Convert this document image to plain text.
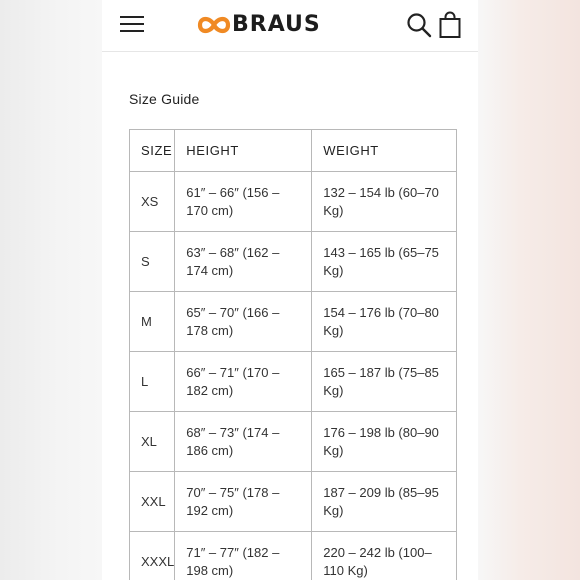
BRAUS
Size Guide
SIZE	HEIGHT	WEIGHT
XS	61″ – 66″ (156 – 170 cm)	132 – 154 lb (60–70 Kg)
S	63″ – 68″ (162 – 174 cm)	143 – 165 lb (65–75 Kg)
M	65″ – 70″ (166 – 178 cm)	154 – 176 lb (70–80 Kg)
L	66″ – 71″ (170 – 182 cm)	165 – 187 lb (75–85 Kg)
XL	68″ – 73″ (174 – 186 cm)	176 – 198 lb (80–90 Kg)
XXL	70″ – 75″ (178 – 192 cm)	187 – 209 lb (85–95 Kg)
XXXL	71″ – 77″ (182 – 198 cm)	220 – 242 lb (100–110 Kg)
